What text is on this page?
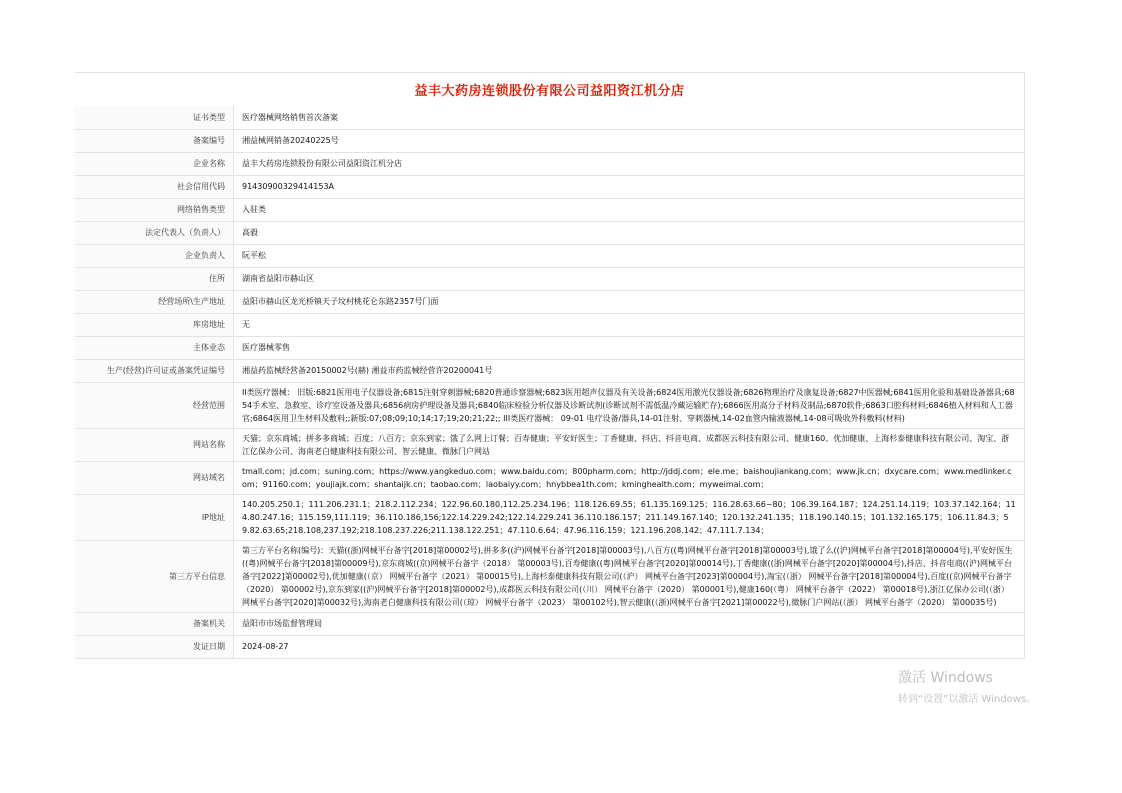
益丰大药房连锁股份有限公司益阳资江机分店
证书类型	医疗器械网络销售首次备案
备案编号	湘益械网销备20240225号
企业名称	益丰大药房连锁股份有限公司益阳资江机分店
社会信用代码	91430900329414153A
网络销售类型	入驻类
法定代表人（负责人）	高毅
企业负责人	阮平松
住所	湖南省益阳市赫山区
经营场所\生产地址	益阳市赫山区龙光桥镇天子坟村桃花仑东路2357号门面
库房地址	无
主体业态	医疗器械零售
生产(经营)许可证或备案凭证编号	湘益药监械经营备20150002号(赫) 湘益市药监械经营许20200041号
经营范围	II类医疗器械： 旧版:6821医用电子仪器设备;6815注射穿刺器械;6820普通诊察器械;6823医用超声仪器及有关设备;6824医用激光仪器设备;6826物理治疗及康复设备;6827中医器械;6841医用化验和基础设备器具;6854手术室、急救室、诊疗室设备及器具;6856病房护理设备及器具;6840临床检验分析仪器及诊断试剂(诊断试剂不需低温冷藏运输贮存);6866医用高分子材料及制品;6870软件;6863口腔科材料;6846植入材料和人工器官;6864医用卫生材料及敷料;;新版:07;08;09;10;14;17;19;20;21;22;; III类医疗器械： 09-01 电疗设备/器具,14-01注射、穿刺器械,14-02血管内输液器械,14-08可吸收外科敷料(材料)
网站名称	天猫；京东商城；拼多多商城；百度；八百方；京东到家；饿了么网上订餐；百寿健康；平安好医生；丁香健康、抖店、抖音电商、成都医云科技有限公司、健康160、优加健康、上海杉泰健康科技有限公司、淘宝、浙江亿保办公司、海南老白健康科技有限公司、智云健康、微脉门户网站
网站域名	tmall.com；jd.com；suning.com；https://www.yangkeduo.com；www.baidu.com；800pharm.com；http://jddj.com；ele.me；baishoujiankang.com；www.jk.cn；dxycare.com；www.medlinker.com；91160.com；youjiajk.com；shantaijk.cn；taobao.com；laobaiyy.com；hnybbea1th.com；kminghealth.com；myweimai.com；
IP地址	140.205.250.1；111.206.231.1；218.2.112.234；122.96.60.180,112.25.234.196；118.126.69.55；61.135.169.125；116.28.63.66~80；106.39.164.187；124.251.14.119；103.37.142.164；114.80.247.16；115.159,111.119；36.110.186,156;122.14.229.242;122.14.229.241 36.110.186.157；211.149.167.140；120.132.241.135；118.190.140.15；101.132.165.175；106.11.84.3；59.82.63.65;218.108,237.192;218.108.237.226;211.138.122.251；47.110.6.64；47.96.116.159；121.196.208.142；47.111.7.134；
第三方平台信息	第三方平台名称(编号)：天猫((浙)网械平台备字[2018]第00002号),拼多多((沪)网械平台备字[2018]第00003号),八百方((粤)网械平台备字[2018]第00003号),饿了么((沪)网械平台备字[2018]第00004号),平安好医生((粤)网械平台备字[2018]第00009号),京东商城((京)网械平台备字（2018） 第00003号),百寿健康((粤)网械平台备字[2020]第00014号),丁香健康((浙)网械平台备字[2020]第00004号),抖店、抖音电商((沪)网械平台备字[2022]第00002号),优加健康(（京） 网械平台备字（2021） 第00015号),上海杉泰健康科技有限公司(（沪） 网械平台备字[2023]第00004号),淘宝(（浙） 网械平台备字[2018]第00004号),百度((京)网械平台备字（2020） 第00002号),京东到家((沪)网械平台备字[2018]第00002号),成都医云科技有限公司(（川） 网械平台备字（2020） 第00001号),健康160(（粤） 网械平台备字（2022） 第00018号),浙江亿保办公司(（浙） 网械平台备字[2020]第00032号),海南老白健康科技有限公司(（琼） 网械平台备字（2023） 第00102号),智云健康(（浙)网械平台备字[2021]第00022号),微脉门户网站(（浙） 网械平台备字（2020） 第00035号)
备案机关	益阳市市场监督管理局
发证日期	2024-08-27
激活 Windows
转到“设置”以激活 Windows。
